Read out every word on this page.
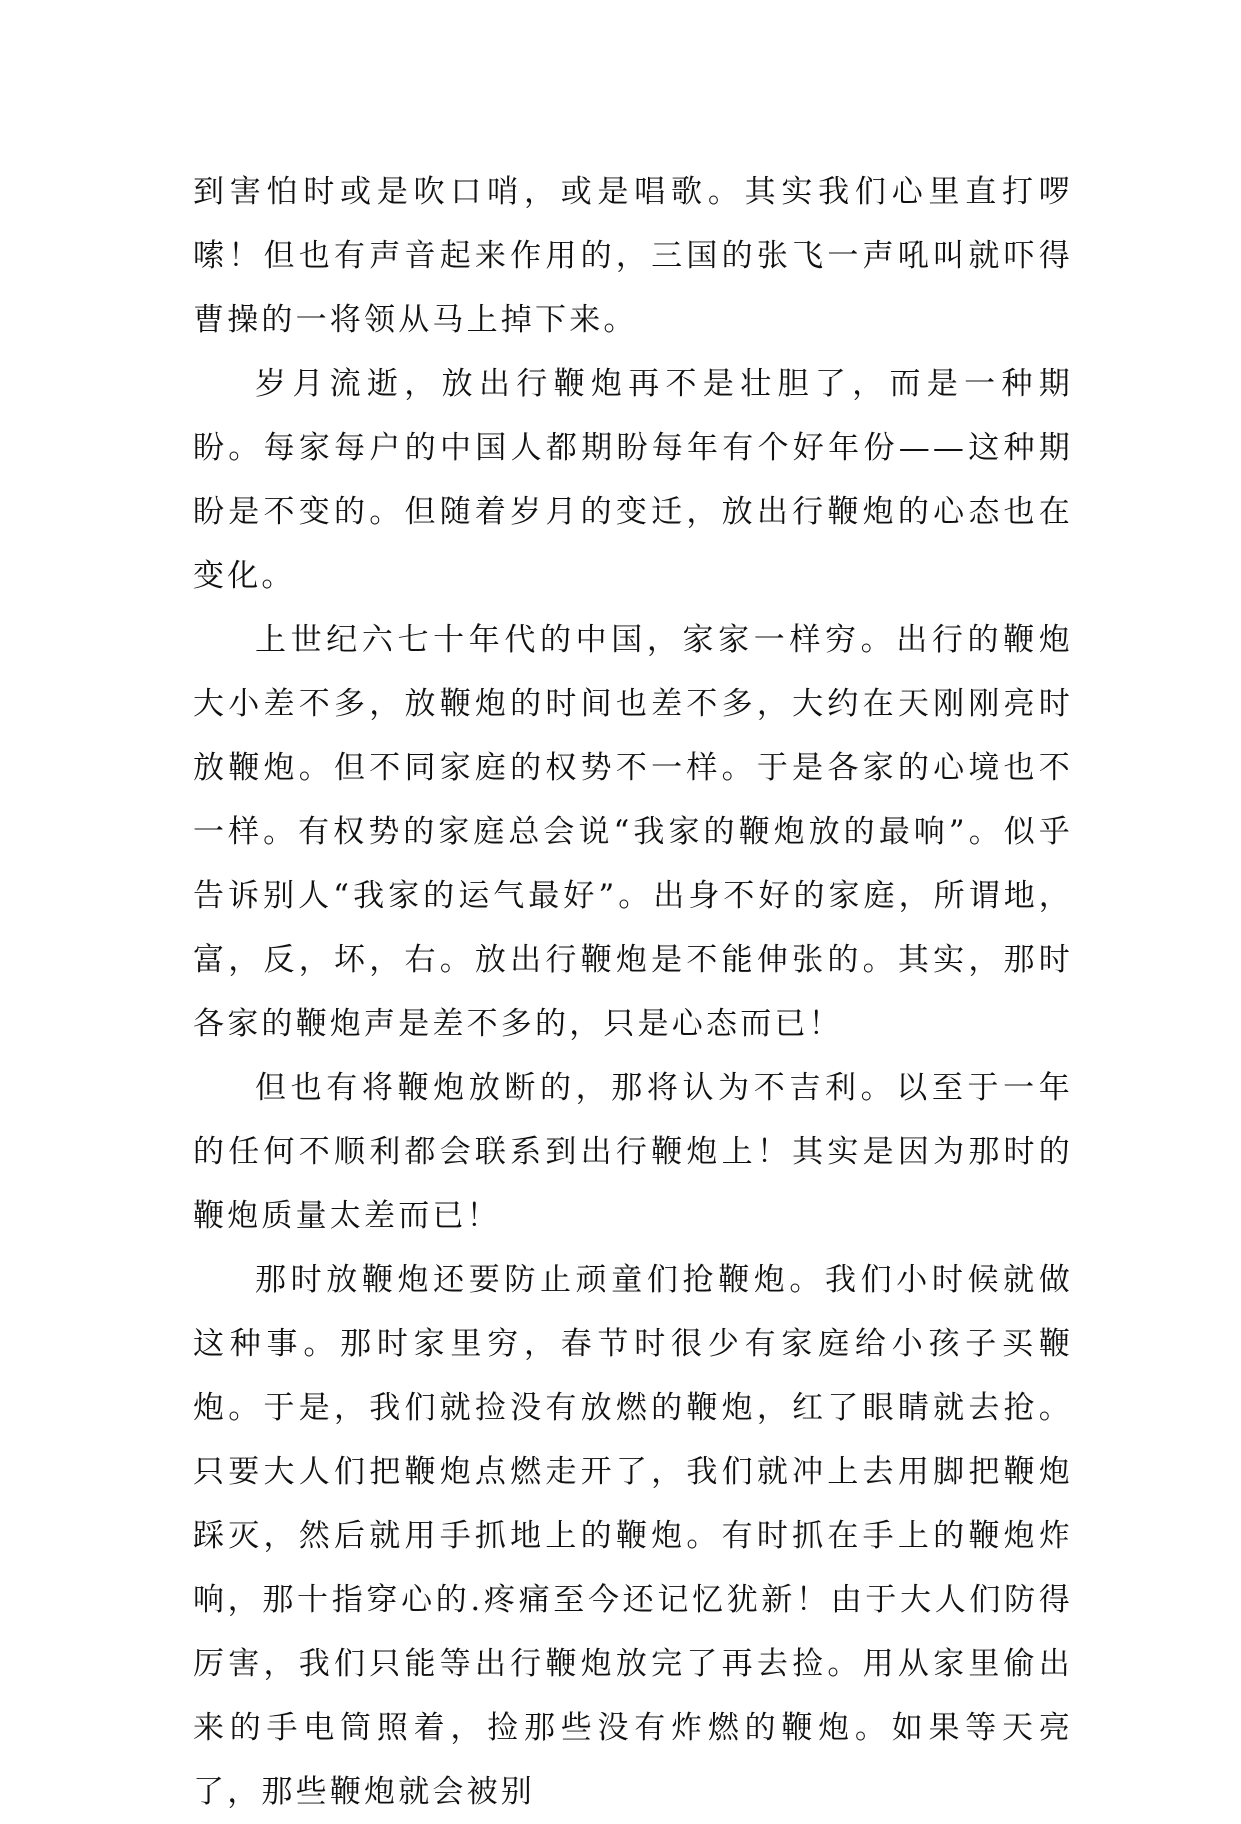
到害怕时或是吹口哨，或是唱歌。其实我们心里直打啰嗦！但也有声音起来作用的，三国的张飞一声吼叫就吓得曹操的一将领从马上掉下来。

岁月流逝，放出行鞭炮再不是壮胆了，而是一种期盼。每家每户的中国人都期盼每年有个好年份——这种期盼是不变的。但随着岁月的变迁，放出行鞭炮的心态也在变化。

上世纪六七十年代的中国，家家一样穷。出行的鞭炮大小差不多，放鞭炮的时间也差不多，大约在天刚刚亮时放鞭炮。但不同家庭的权势不一样。于是各家的心境也不一样。有权势的家庭总会说“我家的鞭炮放的最响”。似乎告诉别人“我家的运气最好”。出身不好的家庭，所谓地，富，反，坏，右。放出行鞭炮是不能伸张的。其实，那时各家的鞭炮声是差不多的，只是心态而已！

但也有将鞭炮放断的，那将认为不吉利。以至于一年的任何不顺利都会联系到出行鞭炮上！其实是因为那时的鞭炮质量太差而已！

那时放鞭炮还要防止顽童们抢鞭炮。我们小时候就做这种事。那时家里穷，春节时很少有家庭给小孩子买鞭炮。于是，我们就捡没有放燃的鞭炮，红了眼睛就去抢。只要大人们把鞭炮点燃走开了，我们就冲上去用脚把鞭炮踩灭，然后就用手抓地上的鞭炮。有时抓在手上的鞭炮炸响，那十指穿心的.疼痛至今还记忆犹新！由于大人们防得厉害，我们只能等出行鞭炮放完了再去捡。用从家里偷出来的手电筒照着，捡那些没有炸燃的鞭炮。如果等天亮了，那些鞭炮就会被别
